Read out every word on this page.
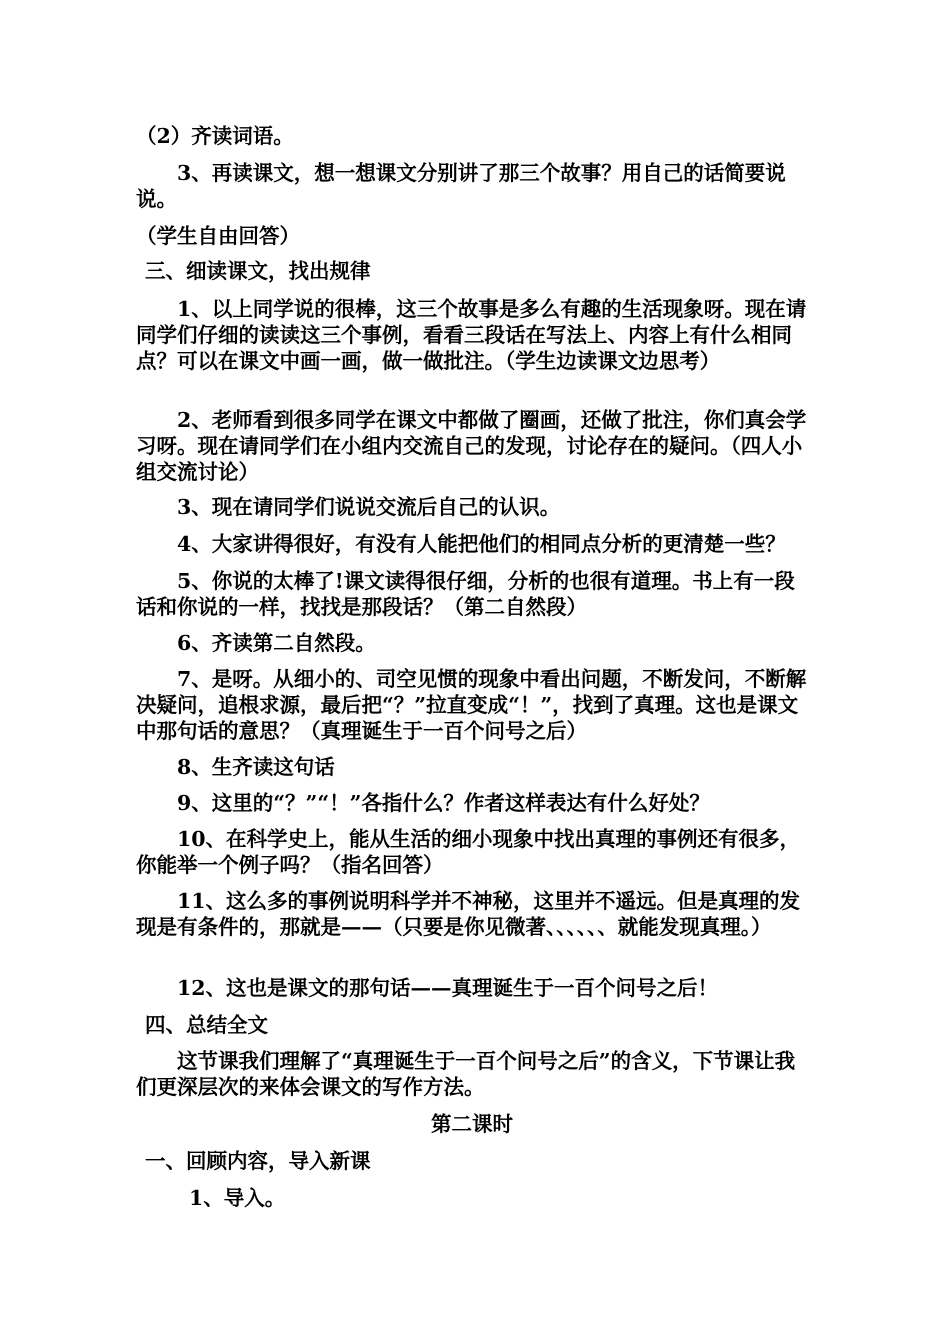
（2）齐读词语。

3、再读课文，想一想课文分别讲了那三个故事？用自己的话简要说说。

（学生自由回答）

三、细读课文，找出规律

1、以上同学说的很棒，这三个故事是多么有趣的生活现象呀。现在请同学们仔细的读读这三个事例，看看三段话在写法上、内容上有什么相同点？可以在课文中画一画，做一做批注。（学生边读课文边思考）

2、老师看到很多同学在课文中都做了圈画，还做了批注，你们真会学习呀。现在请同学们在小组内交流自己的发现，讨论存在的疑问。（四人小组交流讨论）

3、现在请同学们说说交流后自己的认识。

4、大家讲得很好，有没有人能把他们的相同点分析的更清楚一些？

5、你说的太棒了!课文读得很仔细，分析的也很有道理。书上有一段话和你说的一样，找找是那段话？（第二自然段）

6、齐读第二自然段。

7、是呀。从细小的、司空见惯的现象中看出问题，不断发问，不断解决疑问，追根求源，最后把“？”拉直变成“！”，找到了真理。这也是课文中那句话的意思？（真理诞生于一百个问号之后）

8、生齐读这句话

9、这里的“？”“！”各指什么？作者这样表达有什么好处？

10、在科学史上，能从生活的细小现象中找出真理的事例还有很多，你能举一个例子吗？（指名回答）

11、这么多的事例说明科学并不神秘，这里并不遥远。但是真理的发现是有条件的，那就是——（只要是你见微著、、、、、、就能发现真理。）

12、这也是课文的那句话——真理诞生于一百个问号之后！

四、总结全文

这节课我们理解了“真理诞生于一百个问号之后”的含义，下节课让我们更深层次的来体会课文的写作方法。

第二课时

一、回顾内容，导入新课

1、导入。
